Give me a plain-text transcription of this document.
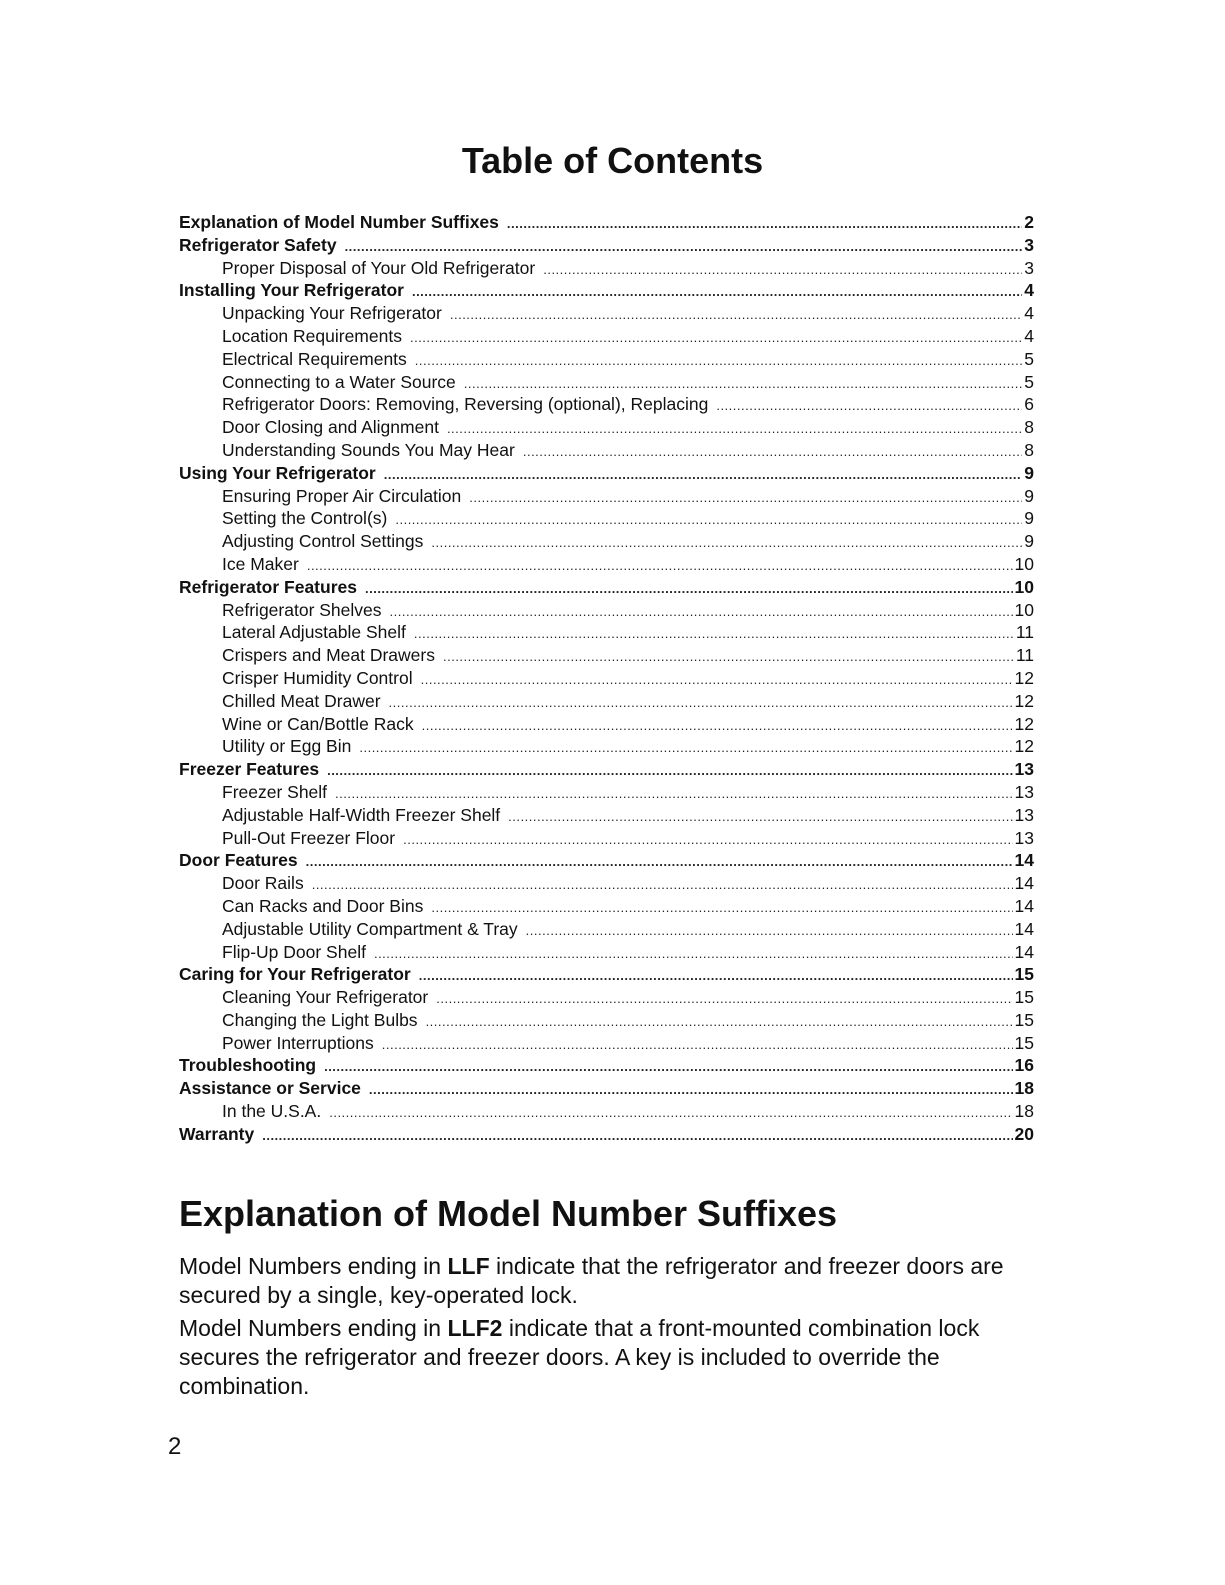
Table of Contents
Explanation of Model Number Suffixes .....	2
Refrigerator Safety .....	3
Proper Disposal of Your Old Refrigerator .....	3
Installing Your Refrigerator .....	4
Unpacking Your Refrigerator .....	4
Location Requirements .....	4
Electrical Requirements .....	5
Connecting to a Water Source .....	5
Refrigerator Doors: Removing, Reversing (optional), Replacing .....	6
Door Closing and Alignment .....	8
Understanding Sounds You May Hear .....	8
Using Your Refrigerator .....	9
Ensuring Proper Air Circulation .....	9
Setting the Control(s) .....	9
Adjusting Control Settings .....	9
Ice Maker .....	10
Refrigerator Features .....	10
Refrigerator Shelves .....	10
Lateral Adjustable Shelf .....	11
Crispers and Meat Drawers .....	11
Crisper Humidity Control .....	12
Chilled Meat Drawer .....	12
Wine or Can/Bottle Rack .....	12
Utility or Egg Bin .....	12
Freezer Features .....	13
Freezer Shelf .....	13
Adjustable Half-Width Freezer Shelf .....	13
Pull-Out Freezer Floor .....	13
Door Features .....	14
Door Rails .....	14
Can Racks and Door Bins .....	14
Adjustable Utility Compartment & Tray .....	14
Flip-Up Door Shelf .....	14
Caring for Your Refrigerator .....	15
Cleaning Your Refrigerator .....	15
Changing the Light Bulbs .....	15
Power Interruptions .....	15
Troubleshooting .....	16
Assistance or Service .....	18
In the U.S.A. .....	18
Warranty .....	20
Explanation of Model Number Suffixes

Model Numbers ending in LLF indicate that the refrigerator and freezer doors are secured by a single, key-operated lock.

Model Numbers ending in LLF2 indicate that a front-mounted combination lock secures the refrigerator and freezer doors. A key is included to override the combination.

2
